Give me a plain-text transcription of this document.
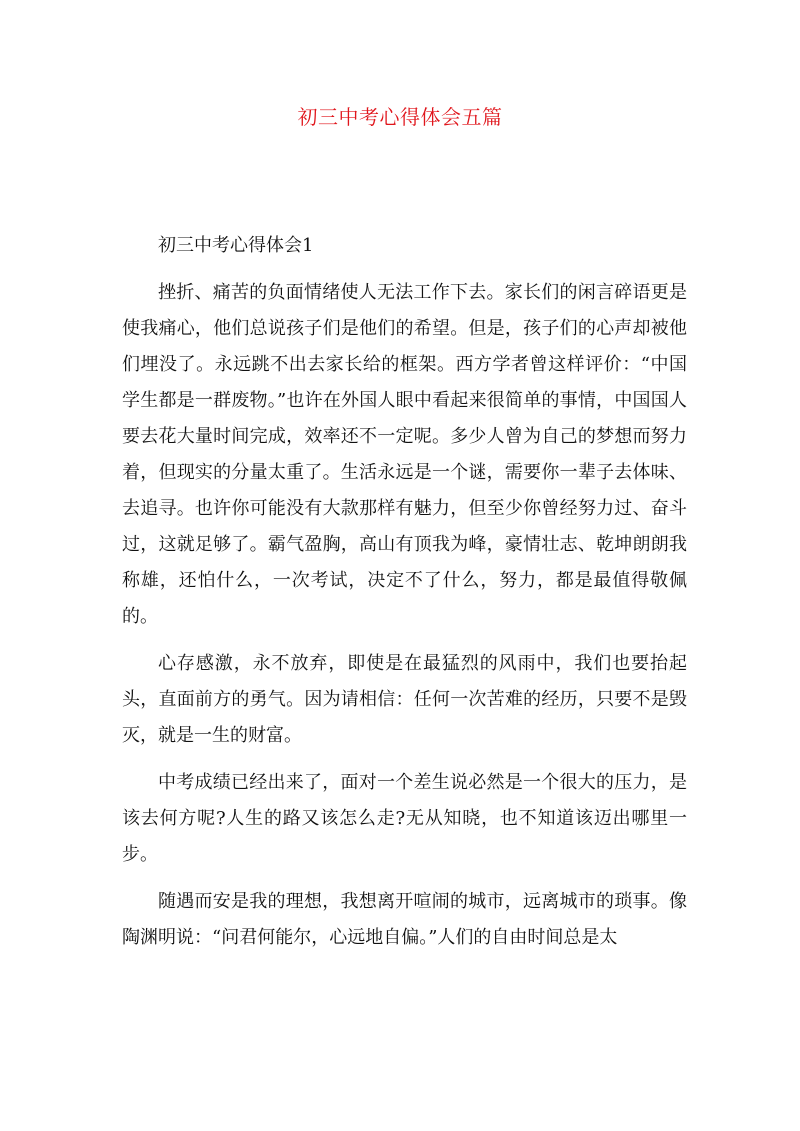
初三中考心得体会五篇

初三中考心得体会1

挫折、痛苦的负面情绪使人无法工作下去。家长们的闲言碎语更是使我痛心，他们总说孩子们是他们的希望。但是，孩子们的心声却被他们埋没了。永远跳不出去家长给的框架。西方学者曾这样评价：“中国学生都是一群废物。”也许在外国人眼中看起来很简单的事情，中国国人要去花大量时间完成，效率还不一定呢。多少人曾为自己的梦想而努力着，但现实的分量太重了。生活永远是一个谜，需要你一辈子去体味、去追寻。也许你可能没有大款那样有魅力，但至少你曾经努力过、奋斗过，这就足够了。霸气盈胸，高山有顶我为峰，豪情壮志、乾坤朗朗我称雄，还怕什么，一次考试，决定不了什么，努力，都是最值得敬佩的。

心存感激，永不放弃，即使是在最猛烈的风雨中，我们也要抬起头，直面前方的勇气。因为请相信：任何一次苦难的经历，只要不是毁灭，就是一生的财富。

中考成绩已经出来了，面对一个差生说必然是一个很大的压力，是该去何方呢?人生的路又该怎么走?无从知晓，也不知道该迈出哪里一步。

随遇而安是我的理想，我想离开喧闹的城市，远离城市的琐事。像陶渊明说：“问君何能尔，心远地自偏。”人们的自由时间总是太
